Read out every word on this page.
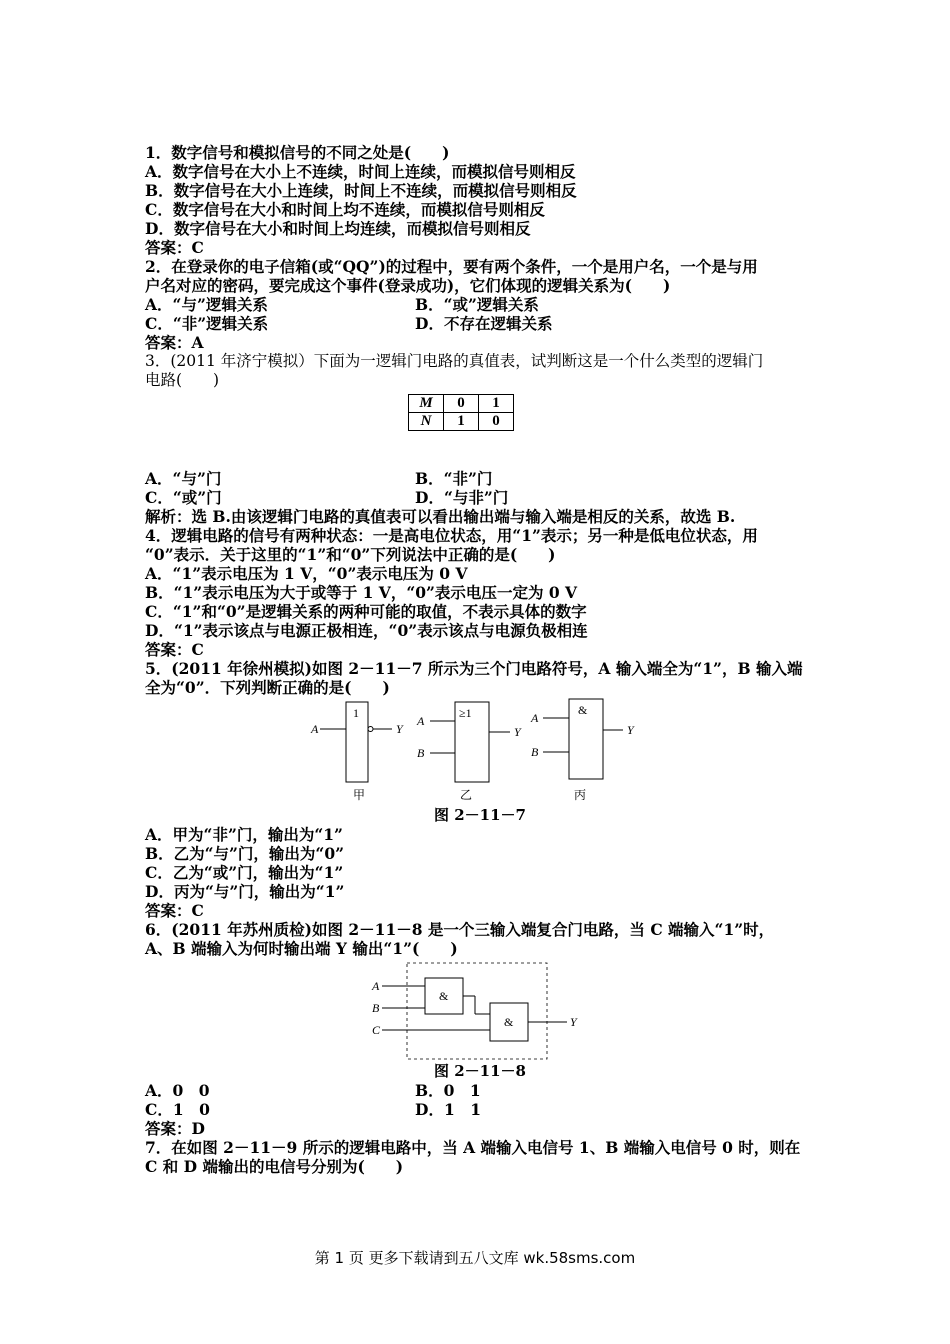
1．数字信号和模拟信号的不同之处是(　　)
A．数字信号在大小上不连续，时间上连续，而模拟信号则相反
B．数字信号在大小上连续，时间上不连续，而模拟信号则相反
C．数字信号在大小和时间上均不连续，而模拟信号则相反
D．数字信号在大小和时间上均连续，而模拟信号则相反
答案：C
2．在登录你的电子信箱(或“QQ”)的过程中，要有两个条件，一个是用户名，一个是与用
户名对应的密码，要完成这个事件(登录成功)，它们体现的逻辑关系为(　　)
A．“与”逻辑关系	B．“或”逻辑关系
C．“非”逻辑关系	D．不存在逻辑关系
答案：A
3．(2011 年济宁模拟）下面为一逻辑门电路的真值表，试判断这是一个什么类型的逻辑门
电路(　　)
M	0	1
N	1	0
A．“与”门	B．“非”门
C．“或”门	D．“与非”门
解析：选 B.由该逻辑门电路的真值表可以看出输出端与输入端是相反的关系，故选 B.
4．逻辑电路的信号有两种状态：一是高电位状态，用“1”表示；另一种是低电位状态，用
“0”表示．关于这里的“1”和“0”下列说法中正确的是(　　)
A．“1”表示电压为 1 V，“0”表示电压为 0 V
B．“1”表示电压为大于或等于 1 V，“0”表示电压一定为 0 V
C．“1”和“0”是逻辑关系的两种可能的取值，不表示具体的数字
D．“1”表示该点与电源正极相连，“0”表示该点与电源负极相连
答案：C
5．(2011 年徐州模拟)如图 2－11－7 所示为三个门电路符号，A 输入端全为“1”，B 输入端
全为“0”．下列判断正确的是(　　)
1	≥1	&
A	Y
A
B
Y
A
B
Y
甲	乙	丙
图 2－11－7
A．甲为“非”门，输出为“1”
B．乙为“与”门，输出为“0”
C．乙为“或”门，输出为“1”
D．丙为“与”门，输出为“1”
答案：C
6．(2011 年苏州质检)如图 2－11－8 是一个三输入端复合门电路，当 C 端输入“1”时，
A、B 端输入为何时输出端 Y 输出“1”(　　)
&
&
A
B
C
Y
图 2－11－8
A．0　0	B．0　1
C．1　0	D．1　1
答案：D
7．在如图 2－11－9 所示的逻辑电路中，当 A 端输入电信号 1、B 端输入电信号 0 时，则在
C 和 D 端输出的电信号分别为(　　)
第 1 页 更多下载请到五八文库 wk.58sms.com
